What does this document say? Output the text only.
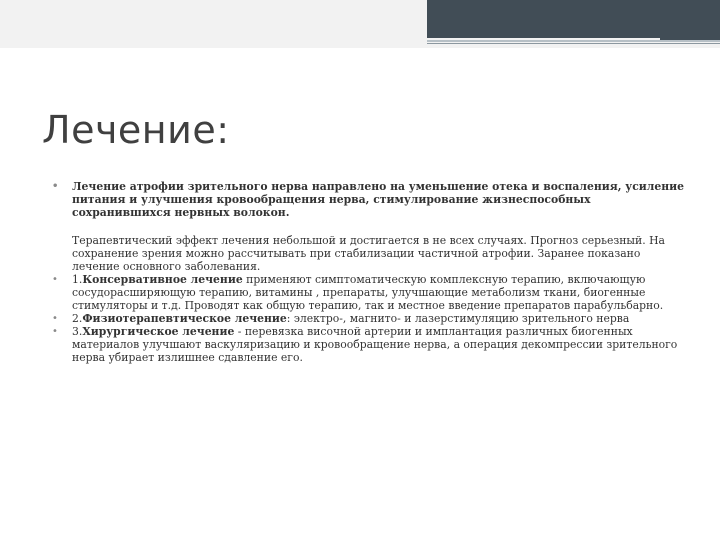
Лечение:
• Лечение атрофии зрительного нерва направлено на уменьшение отека и воспаления, усиление питания и улучшения кровообращения нерва, стимулирование жизнеспособных сохранившихся нервных волокон.
Терапевтический эффект лечения небольшой и достигается в не всех случаях. Прогноз серьезный. На сохранение зрения можно рассчитывать при стабилизации частичной атрофии. Заранее показано лечение основного заболевания.
• 1.Консервативное лечение применяют симптоматическую комплексную терапию, включающую сосудорасширяющую терапию, витамины , препараты, улучшающие метаболизм ткани, биогенные стимуляторы и т.д. Проводят как общую терапию, так и местное введение препаратов парабульбарно.
• 2.Физиотерапевтическое лечение: электро-, магнито- и лазерстимуляцию зрительного нерва
• 3.Хирургическое лечение - перевязка височной артерии и имплантация различных биогенных материалов улучшают васкуляризацию и кровообращение нерва, а операция декомпрессии зрительного нерва убирает излишнее сдавление его.
